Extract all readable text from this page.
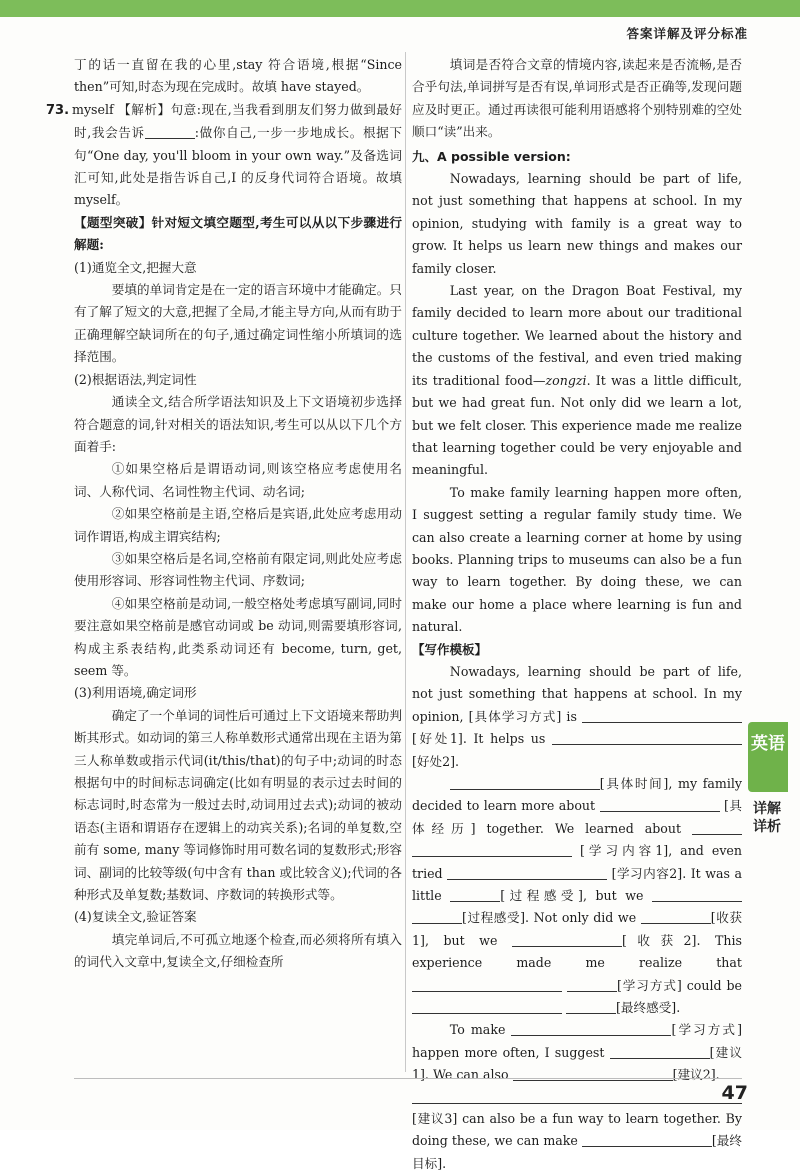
答案详解及评分标准

丁的话一直留在我的心里,stay 符合语境,根据“Since then”可知,时态为现在完成时。故填 have stayed。

73. myself 【解析】句意:现在,当我看到朋友们努力做到最好时,我会告诉	:做你自己,一步一步地成长。根据下句“One day, you'll bloom in your own way.”及备选词汇可知,此处是指告诉自己,I 的反身代词符合语境。故填 myself。

【题型突破】针对短文填空题型,考生可以从以下步骤进行解题:

(1)通览全文,把握大意

要填的单词肯定是在一定的语言环境中才能确定。只有了解了短文的大意,把握了全局,才能主导方向,从而有助于正确理解空缺词所在的句子,通过确定词性缩小所填词的选择范围。

(2)根据语法,判定词性

通读全文,结合所学语法知识及上下文语境初步选择符合题意的词,针对相关的语法知识,考生可以从以下几个方面着手:

①如果空格后是谓语动词,则该空格应考虑使用名词、人称代词、名词性物主代词、动名词;

②如果空格前是主语,空格后是宾语,此处应考虑用动词作谓语,构成主谓宾结构;

③如果空格后是名词,空格前有限定词,则此处应考虑使用形容词、形容词性物主代词、序数词;

④如果空格前是动词,一般空格处考虑填写副词,同时要注意如果空格前是感官动词或 be 动词,则需要填形容词,构成主系表结构,此类系动词还有 become, turn, get, seem 等。

(3)利用语境,确定词形

确定了一个单词的词性后可通过上下文语境来帮助判断其形式。如动词的第三人称单数形式通常出现在主语为第三人称单数或指示代词(it/this/that)的句子中;动词的时态根据句中的时间标志词确定(比如有明显的表示过去时间的标志词时,时态常为一般过去时,动词用过去式);动词的被动语态(主语和谓语存在逻辑上的动宾关系);名词的单复数,空前有 some, many 等词修饰时用可数名词的复数形式;形容词、副词的比较等级(句中含有 than 或比较含义);代词的各种形式及单复数;基数词、序数词的转换形式等。

(4)复读全文,验证答案

填完单词后,不可孤立地逐个检查,而必须将所有填入的词代入文章中,复读全文,仔细检查所

填词是否符合文章的情境内容,读起来是否流畅,是否合乎句法,单词拼写是否有误,单词形式是否正确等,发现问题应及时更正。通过再读很可能利用语感将个别特别难的空处顺口“读”出来。

九、A possible version:

Nowadays, learning should be part of life, not just something that happens at school. In my opinion, studying with family is a great way to grow. It helps us learn new things and makes our family closer.

Last year, on the Dragon Boat Festival, my family decided to learn more about our traditional culture together. We learned about the history and the customs of the festival, and even tried making its traditional food—zongzi. It was a little difficult, but we had great fun. Not only did we learn a lot, but we felt closer. This experience made me realize that learning together could be very enjoyable and meaningful.

To make family learning happen more often, I suggest setting a regular family study time. We can also create a learning corner at home by using books. Planning trips to museums can also be a fun way to learn together. By doing these, we can make our home a place where learning is fun and natural.

【写作模板】

Nowadays, learning should be part of life, not just something that happens at school. In my opinion, [具体学习方式] is  [好处1]. It helps us  [好处2].

[具体时间], my family decided to learn more about	[具体经历] together. We learned about   [学习内容1], and even tried	[学习内容2]. It was a little	[过程感受], but we  [过程感受]. Not only did we	[收获1], but we	[收获2]. This experience made me realize that  [学习方式] could be  [最终感受].

To make	[学习方式] happen more often, I suggest	[建议1]. We can also	[建议2].

[建议3] can also be a fun way to learn together. By doing these, we can make	[最终目标].

英语
详解详析
47
